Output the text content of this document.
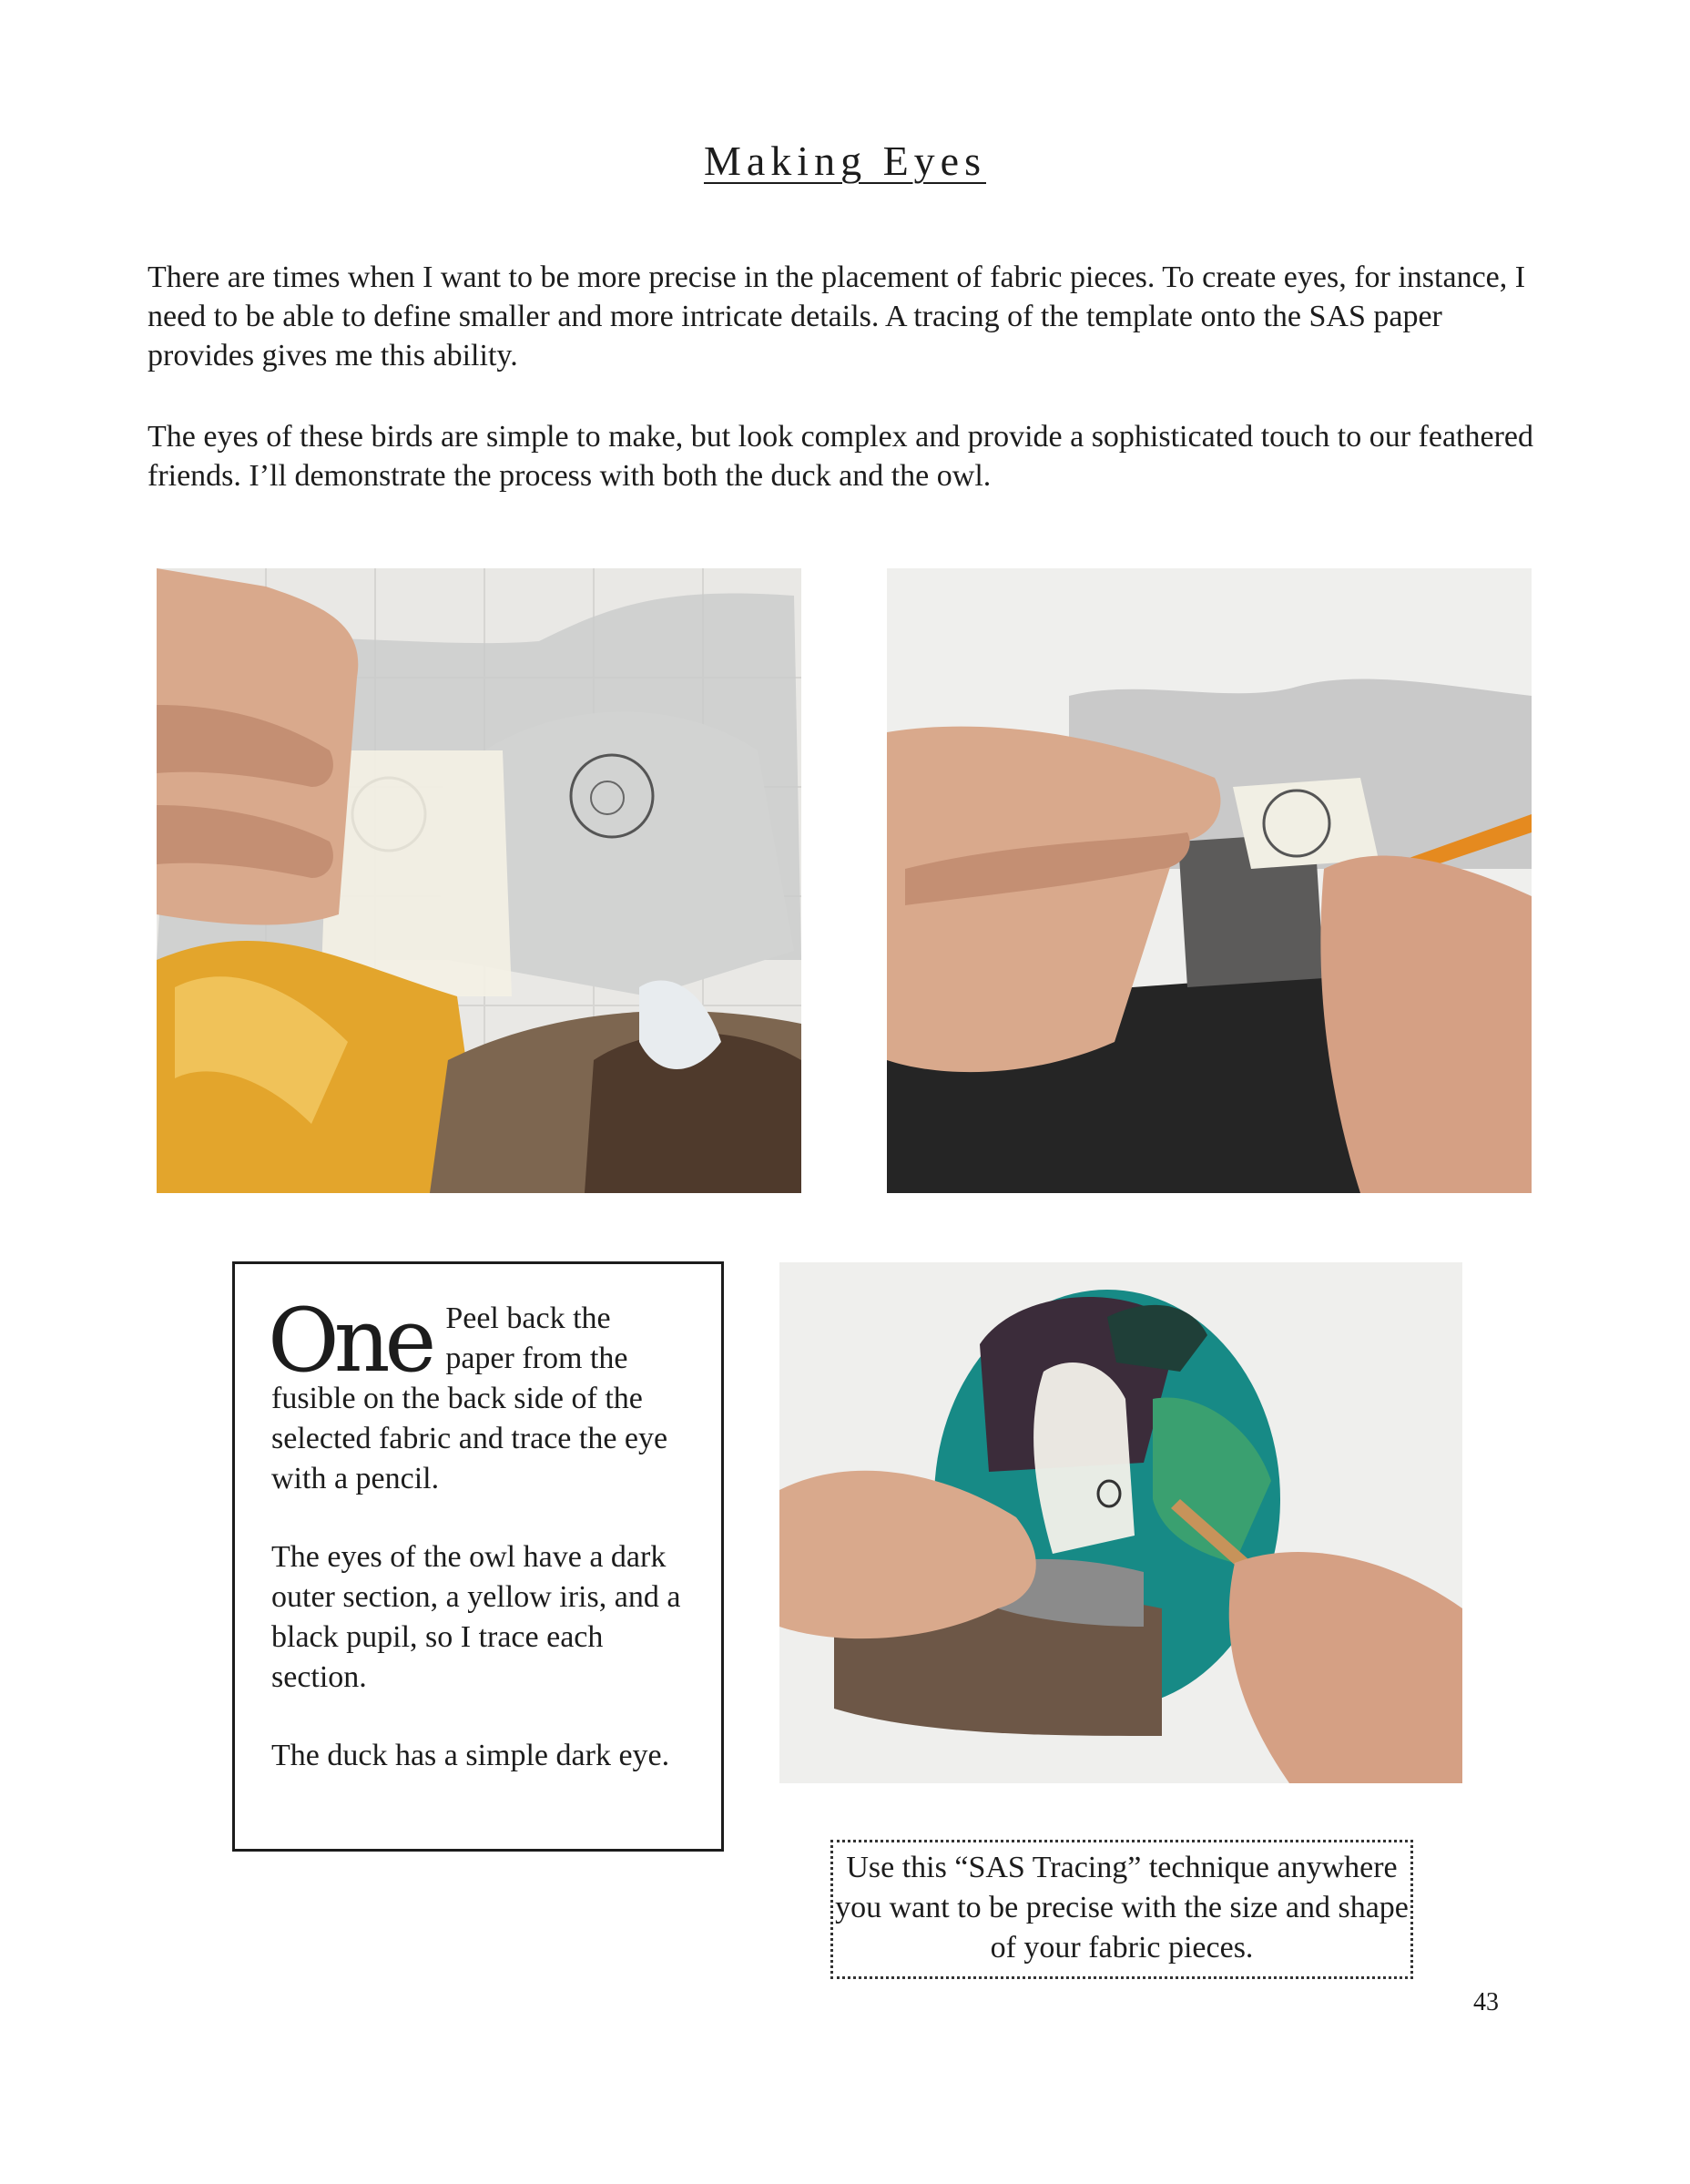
Making Eyes

There are times when I want to be more precise in the placement of fabric pieces. To create eyes, for instance, I need to be able to define smaller and more intricate details. A tracing of the template onto the SAS paper provides gives me this ability.

The eyes of these birds are simple to make, but look complex and provide a sophisticated touch to our feathered friends. I’ll demonstrate the process with both the duck and the owl.

One Peel back the paper from the fusible on the back side of the selected fabric and trace the eye with a pencil.

The eyes of the owl have a dark outer section, a yellow iris, and a black pupil, so I trace each section.

The duck has a simple dark eye.

Use this “SAS Tracing” technique anywhere you want to be precise with the size and shape of your fabric pieces.
43
